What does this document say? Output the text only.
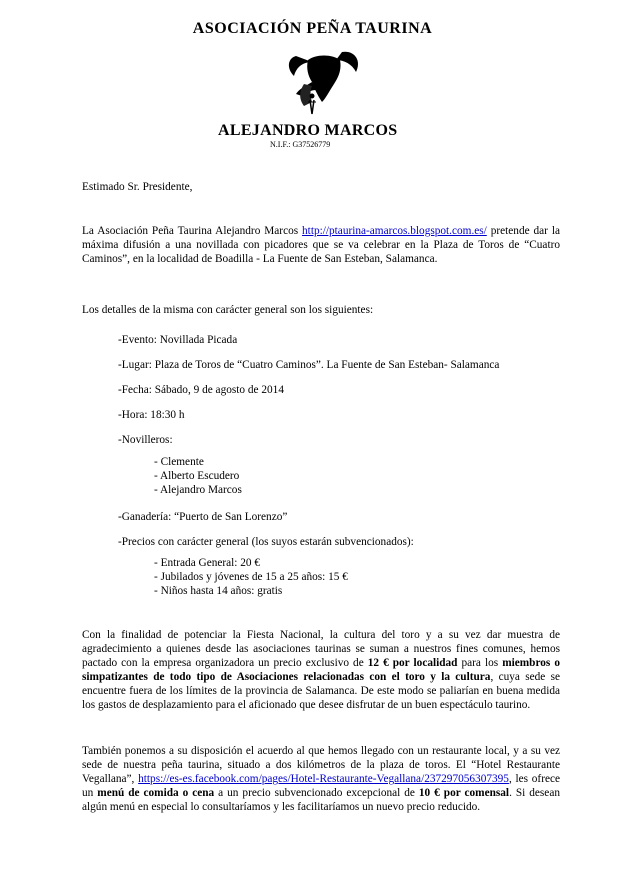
ASOCIACIÓN PEÑA TAURINA
ALEJANDRO MARCOS
N.I.F.: G37526779

Estimado Sr. Presidente,

La Asociación Peña Taurina Alejandro Marcos http://ptaurina-amarcos.blogspot.com.es/ pretende dar la máxima difusión a una novillada con picadores que se va celebrar en la Plaza de Toros de “Cuatro Caminos”, en la localidad de Boadilla - La Fuente de San Esteban, Salamanca.

Los detalles de la misma con carácter general son los siguientes:

-Evento: Novillada Picada

-Lugar: Plaza de Toros de “Cuatro Caminos”. La Fuente de San Esteban- Salamanca

-Fecha: Sábado, 9 de agosto de 2014

-Hora: 18:30 h

-Novilleros:

- Clemente

- Alberto Escudero

- Alejandro Marcos

-Ganadería: “Puerto de San Lorenzo”

-Precios con carácter general (los suyos estarán subvencionados):

- Entrada General: 20 €

- Jubilados y jóvenes de 15 a 25 años: 15 €

- Niños hasta 14 años: gratis

Con la finalidad de potenciar la Fiesta Nacional, la cultura del toro y a su vez dar muestra de agradecimiento a quienes desde las asociaciones taurinas se suman a nuestros fines comunes, hemos pactado con la empresa organizadora un precio exclusivo de 12 € por localidad para los miembros o simpatizantes de todo tipo de Asociaciones relacionadas con el toro y la cultura, cuya sede se encuentre fuera de los límites de la provincia de Salamanca. De este modo se paliarían en buena medida los gastos de desplazamiento para el aficionado que desee disfrutar de un buen espectáculo taurino.

También ponemos a su disposición el acuerdo al que hemos llegado con un restaurante local, y a su vez sede de nuestra peña taurina, situado a dos kilómetros de la plaza de toros. El “Hotel Restaurante Vegallana”, https://es-es.facebook.com/pages/Hotel-Restaurante-Vegallana/237297056307395, les ofrece un menú de comida o cena a un precio subvencionado excepcional de 10 € por comensal. Si desean algún menú en especial lo consultaríamos y les facilitaríamos un nuevo precio reducido.
